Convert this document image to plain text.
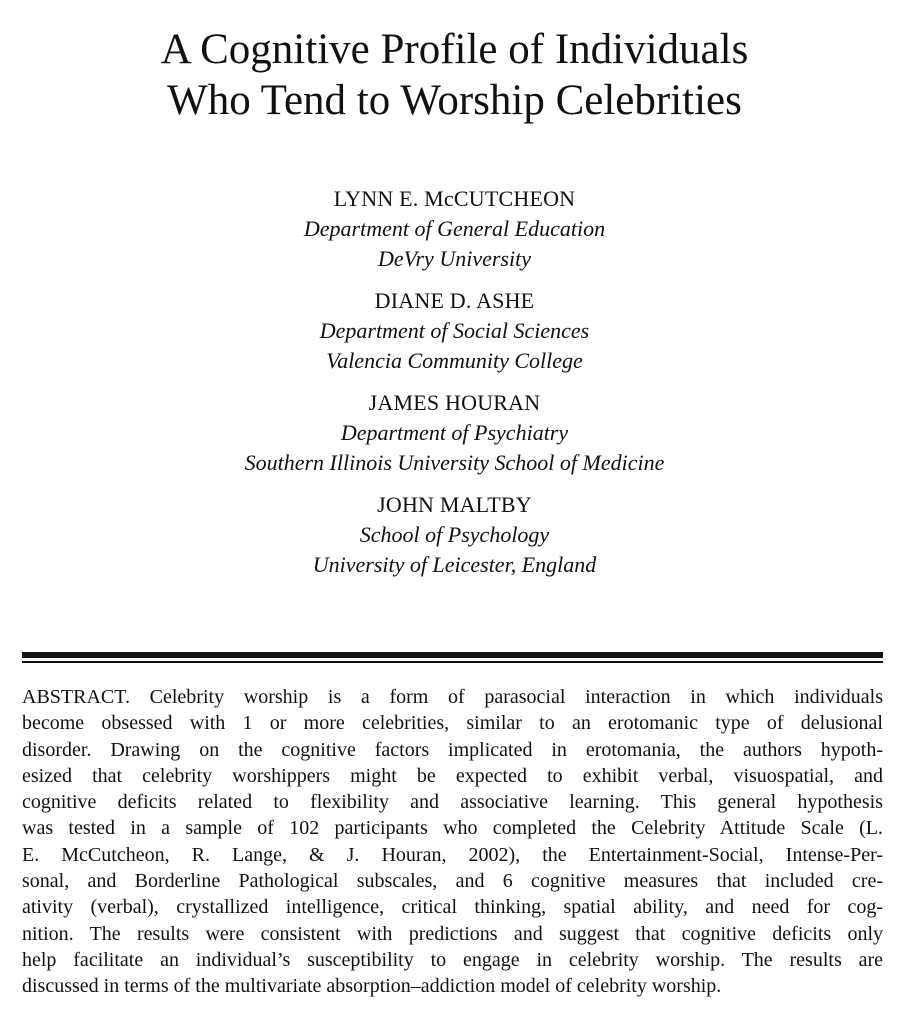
A Cognitive Profile of Individuals
Who Tend to Worship Celebrities
LYNN E. McCUTCHEON
Department of General Education
DeVry University
DIANE D. ASHE
Department of Social Sciences
Valencia Community College
JAMES HOURAN
Department of Psychiatry
Southern Illinois University School of Medicine
JOHN MALTBY
School of Psychology
University of Leicester, England
ABSTRACT. Celebrity worship is a form of parasocial interaction in which individuals
become obsessed with 1 or more celebrities, similar to an erotomanic type of delusional
disorder. Drawing on the cognitive factors implicated in erotomania, the authors hypoth-
esized that celebrity worshippers might be expected to exhibit verbal, visuospatial, and
cognitive deficits related to flexibility and associative learning. This general hypothesis
was tested in a sample of 102 participants who completed the Celebrity Attitude Scale (L.
E. McCutcheon, R. Lange, & J. Houran, 2002), the Entertainment-Social, Intense-Per-
sonal, and Borderline Pathological subscales, and 6 cognitive measures that included cre-
ativity (verbal), crystallized intelligence, critical thinking, spatial ability, and need for cog-
nition. The results were consistent with predictions and suggest that cognitive deficits only
help facilitate an individual’s susceptibility to engage in celebrity worship. The results are
discussed in terms of the multivariate absorption–addiction model of celebrity worship.
